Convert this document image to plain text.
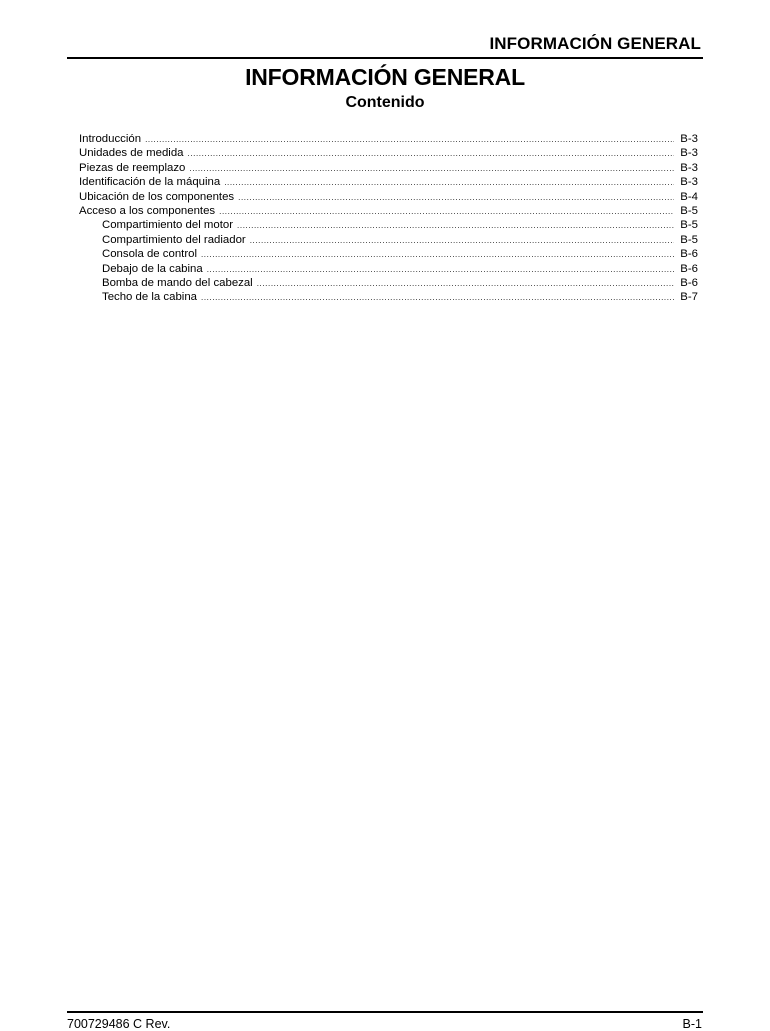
INFORMACIÓN GENERAL
INFORMACIÓN GENERAL
Contenido
Introducción .....	B-3
Unidades de medida .....	B-3
Piezas de reemplazo .....	B-3
Identificación de la máquina .....	B-3
Ubicación de los componentes .....	B-4
Acceso a los componentes .....	B-5
Compartimiento del motor .....	B-5
Compartimiento del radiador .....	B-5
Consola de control .....	B-6
Debajo de la cabina .....	B-6
Bomba de mando del cabezal .....	B-6
Techo de la cabina .....	B-7
700729486 C Rev.	B-1
